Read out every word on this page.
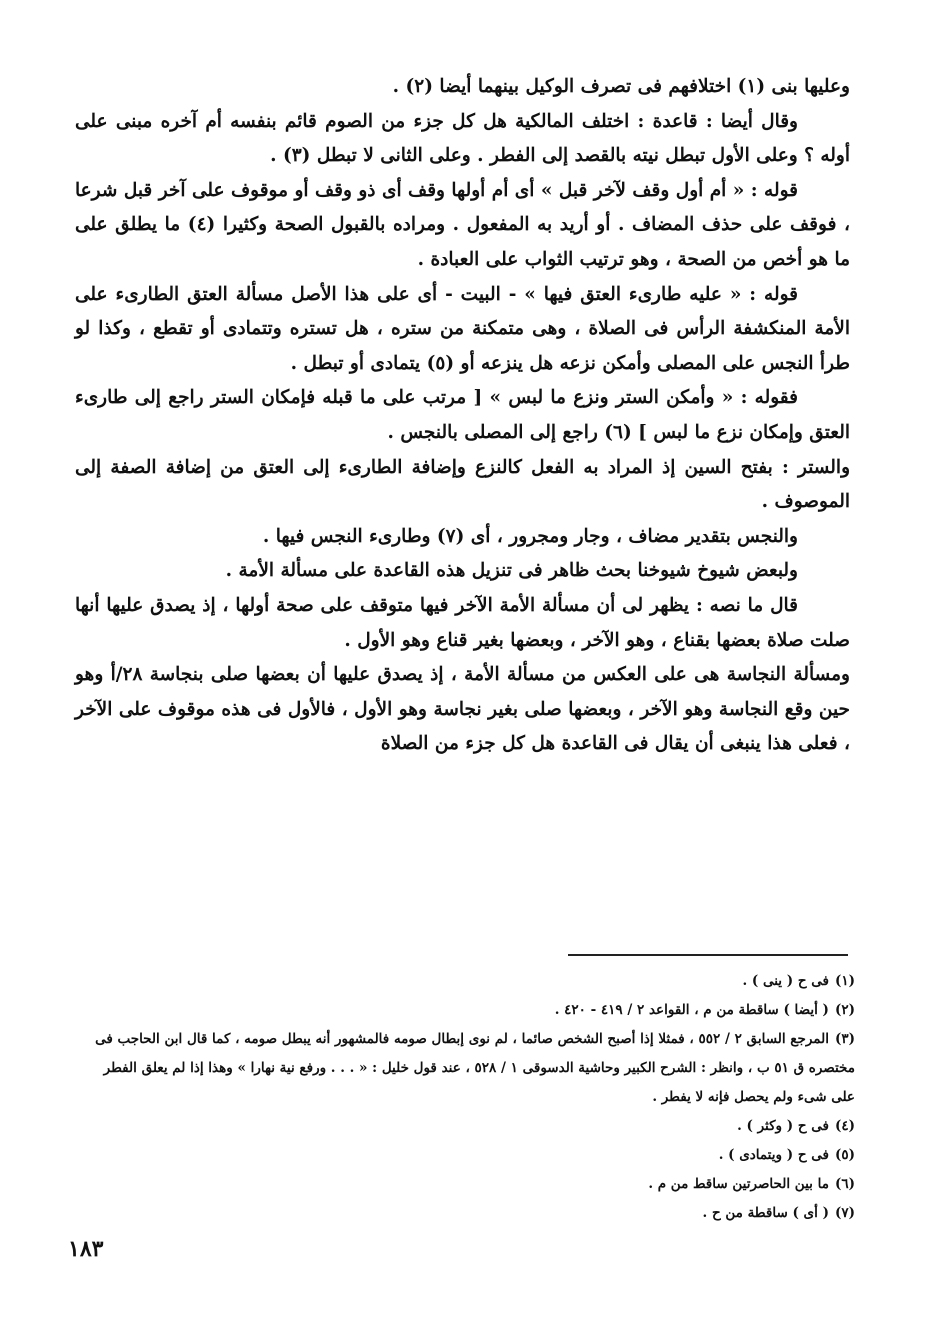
وعليها بنى (١) اختلافهم فى تصرف الوكيل بينهما أيضا (٢) .

وقال أيضا : قاعدة : اختلف المالكية هل كل جزء من الصوم قائم بنفسه أم آخره مبنى على أوله ؟ وعلى الأول تبطل نيته بالقصد إلى الفطر . وعلى الثانى لا تبطل (٣) .

قوله : « أم أول وقف لآخر قبل » أى أم أولها وقف أى ذو وقف أو موقوف على آخر قبل شرعا ، فوقف على حذف المضاف . أو أريد به المفعول . ومراده بالقبول الصحة وكثيرا (٤) ما يطلق على ما هو أخص من الصحة ، وهو ترتيب الثواب على العبادة .

قوله : « عليه طارىء العتق فيها » - البيت - أى على هذا الأصل مسألة العتق الطارىء على الأمة المنكشفة الرأس فى الصلاة ، وهى متمكنة من ستره ، هل تستره وتتمادى أو تقطع ، وكذا لو طرأ النجس على المصلى وأمكن نزعه هل ينزعه أو (٥) يتمادى أو تبطل .

فقوله : « وأمكن الستر ونزع ما لبس » [ مرتب على ما قبله فإمكان الستر راجع إلى طارىء العتق وإمكان نزع ما لبس ] (٦) راجع إلى المصلى بالنجس .

والستر : بفتح السين إذ المراد به الفعل كالنزع وإضافة الطارىء إلى العتق من إضافة الصفة إلى الموصوف .

والنجس بتقدير مضاف ، وجار ومجرور ، أى (٧) وطارىء النجس فيها .

ولبعض شيوخ شيوخنا بحث ظاهر فى تنزيل هذه القاعدة على مسألة الأمة .

قال ما نصه : يظهر لى أن مسألة الأمة الآخر فيها متوقف على صحة أولها ، إذ يصدق عليها أنها صلت صلاة بعضها بقناع ، وهو الآخر ، وبعضها بغير قناع وهو الأول .

ومسألة النجاسة هى على العكس من مسألة الأمة ، إذ يصدق عليها أن بعضها صلى بنجاسة ٢٨/أ وهو حين وقع النجاسة وهو الآخر ، وبعضها صلى بغير نجاسة وهو الأول ، فالأول فى هذه موقوف على الآخر ، فعلى هذا ينبغى أن يقال فى القاعدة هل كل جزء من الصلاة

(١)فى ح ( ينى ) .
(٢)( أيضا ) ساقطة من م ، القواعد ٢ / ٤١٩ - ٤٢٠ .
(٣)المرجع السابق ٢ / ٥٥٢ ، فمثلا إذا أصبح الشخص صائما ، لم نوى إبطال صومه فالمشهور أنه يبطل صومه ، كما قال ابن الحاجب فى مختصره ق ٥١ ب ، وانظر : الشرح الكبير وحاشية الدسوقى ١ / ٥٢٨ ، عند قول خليل : « . . . ورفع نية نهارا » وهذا إذا لم يعلق الفطر على شىء ولم يحصل فإنه لا يفطر .
(٤)فى ح ( وكثر ) .
(٥)فى ح ( ويتمادى ) .
(٦)ما بين الحاصرتين ساقط من م .
(٧)( أى ) ساقطة من ح .
١٨٣
